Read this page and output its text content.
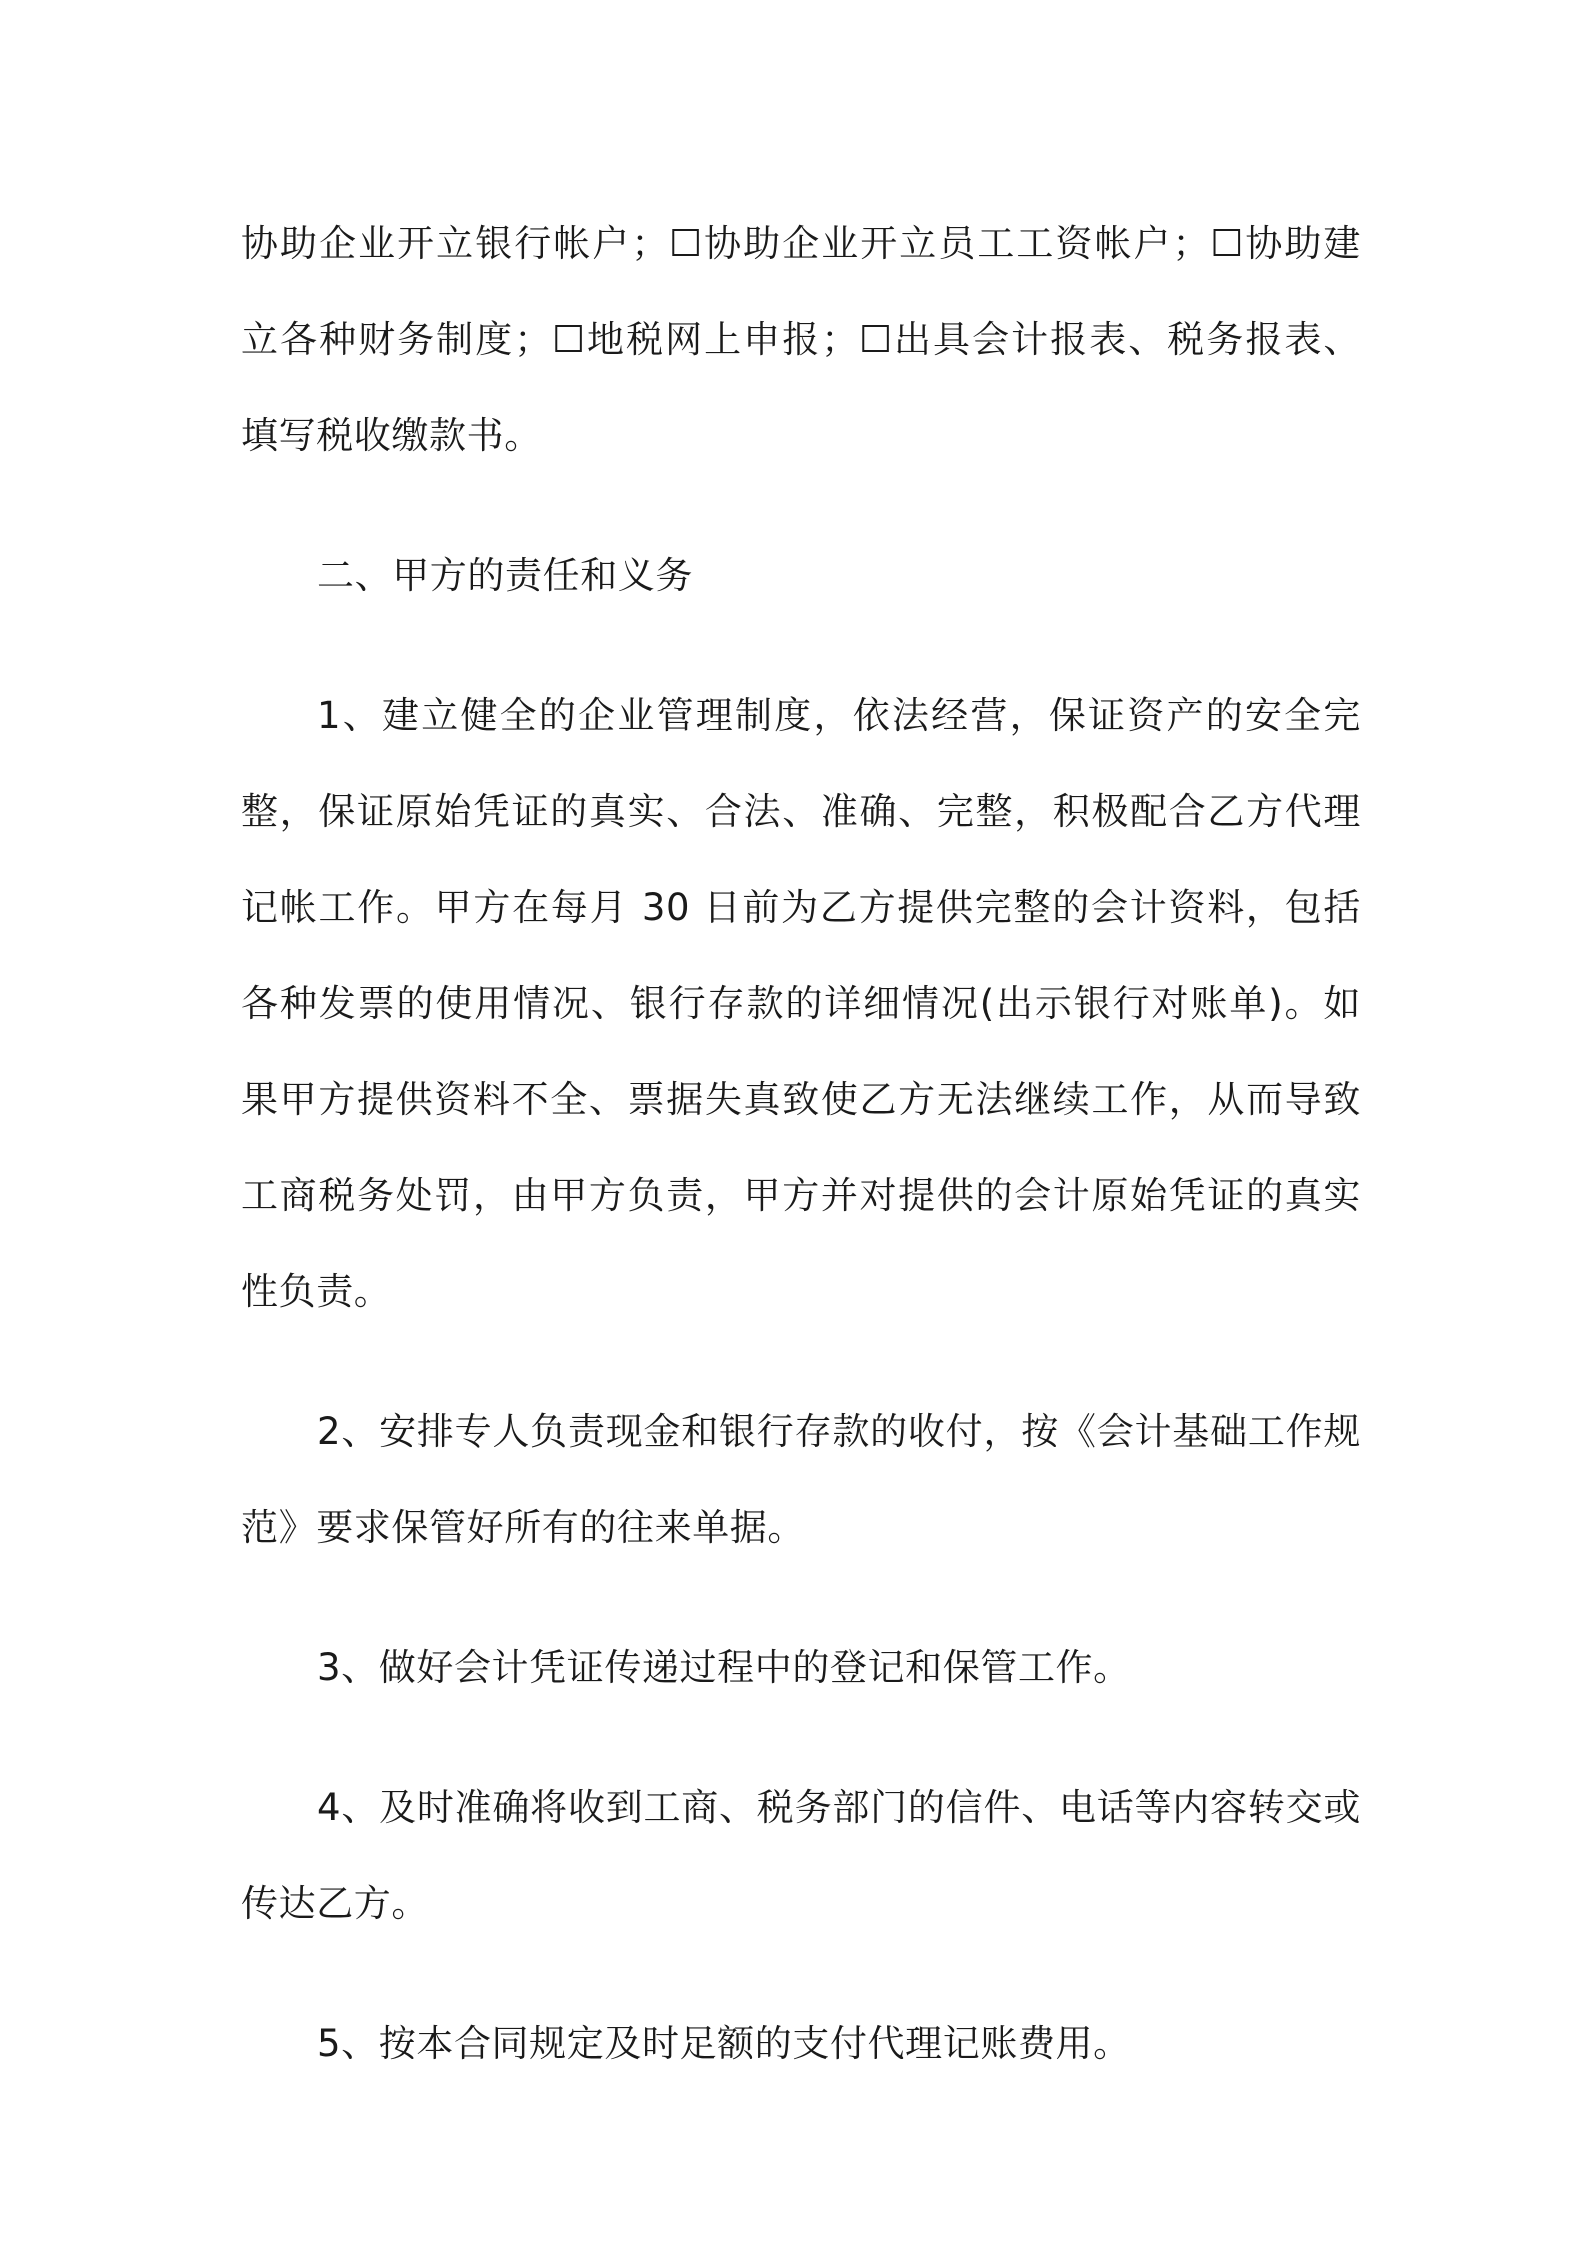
协助企业开立银行帐户；☐协助企业开立员工工资帐户；☐协助建立各种财务制度；☐地税网上申报；☐出具会计报表、税务报表、填写税收缴款书。

二、甲方的责任和义务

1、建立健全的企业管理制度，依法经营，保证资产的安全完整，保证原始凭证的真实、合法、准确、完整，积极配合乙方代理记帐工作。甲方在每月 30 日前为乙方提供完整的会计资料，包括各种发票的使用情况、银行存款的详细情况(出示银行对账单)。如果甲方提供资料不全、票据失真致使乙方无法继续工作，从而导致工商税务处罚，由甲方负责，甲方并对提供的会计原始凭证的真实性负责。

2、安排专人负责现金和银行存款的收付，按《会计基础工作规范》要求保管好所有的往来单据。

3、做好会计凭证传递过程中的登记和保管工作。

4、及时准确将收到工商、税务部门的信件、电话等内容转交或传达乙方。

5、按本合同规定及时足额的支付代理记账费用。
